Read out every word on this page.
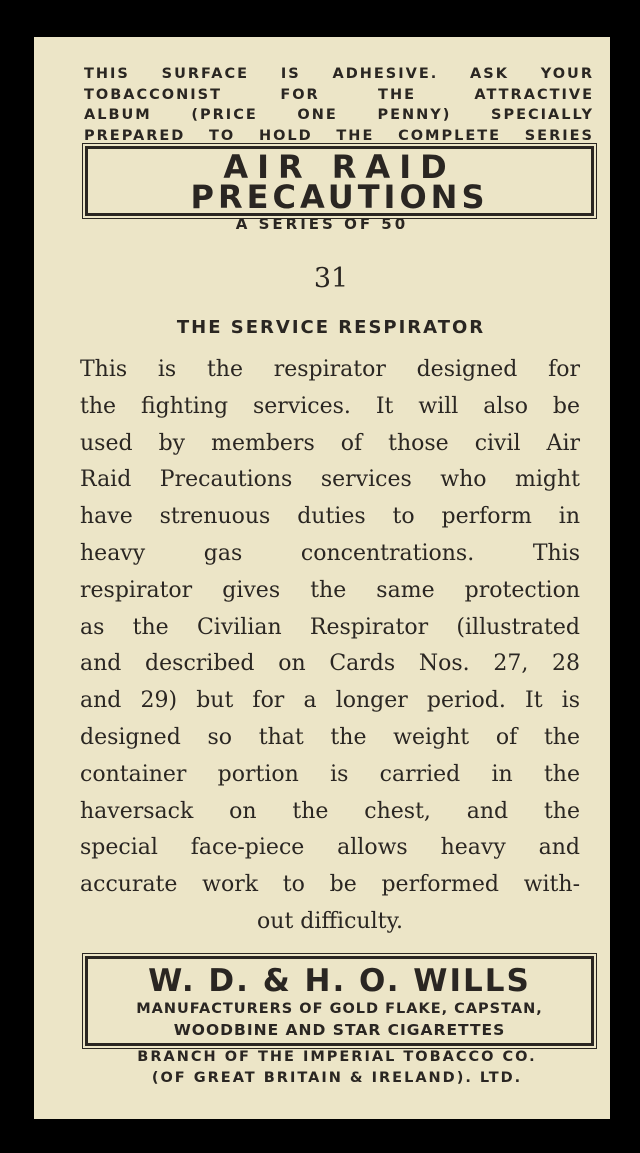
THIS SURFACE IS ADHESIVE. ASK YOUR
TOBACCONIST FOR THE ATTRACTIVE
ALBUM (PRICE ONE PENNY) SPECIALLY
PREPARED TO HOLD THE COMPLETE SERIES
AIR RAID
PRECAUTIONS
A SERIES OF 50
31
THE SERVICE RESPIRATOR
This is the respirator designed for
the fighting services. It will also be
used by members of those civil Air
Raid Precautions services who might
have strenuous duties to perform in
heavy gas concentrations. This
respirator gives the same protection
as the Civilian Respirator (illustrated
and described on Cards Nos. 27, 28
and 29) but for a longer period. It is
designed so that the weight of the
container portion is carried in the
haversack on the chest, and the
special face-piece allows heavy and
accurate work to be performed with-
out difficulty.
W. D. & H. O. WILLS
MANUFACTURERS OF GOLD FLAKE, CAPSTAN,
WOODBINE AND STAR CIGARETTES
BRANCH OF THE IMPERIAL TOBACCO CO.
(OF GREAT BRITAIN & IRELAND). LTD.
